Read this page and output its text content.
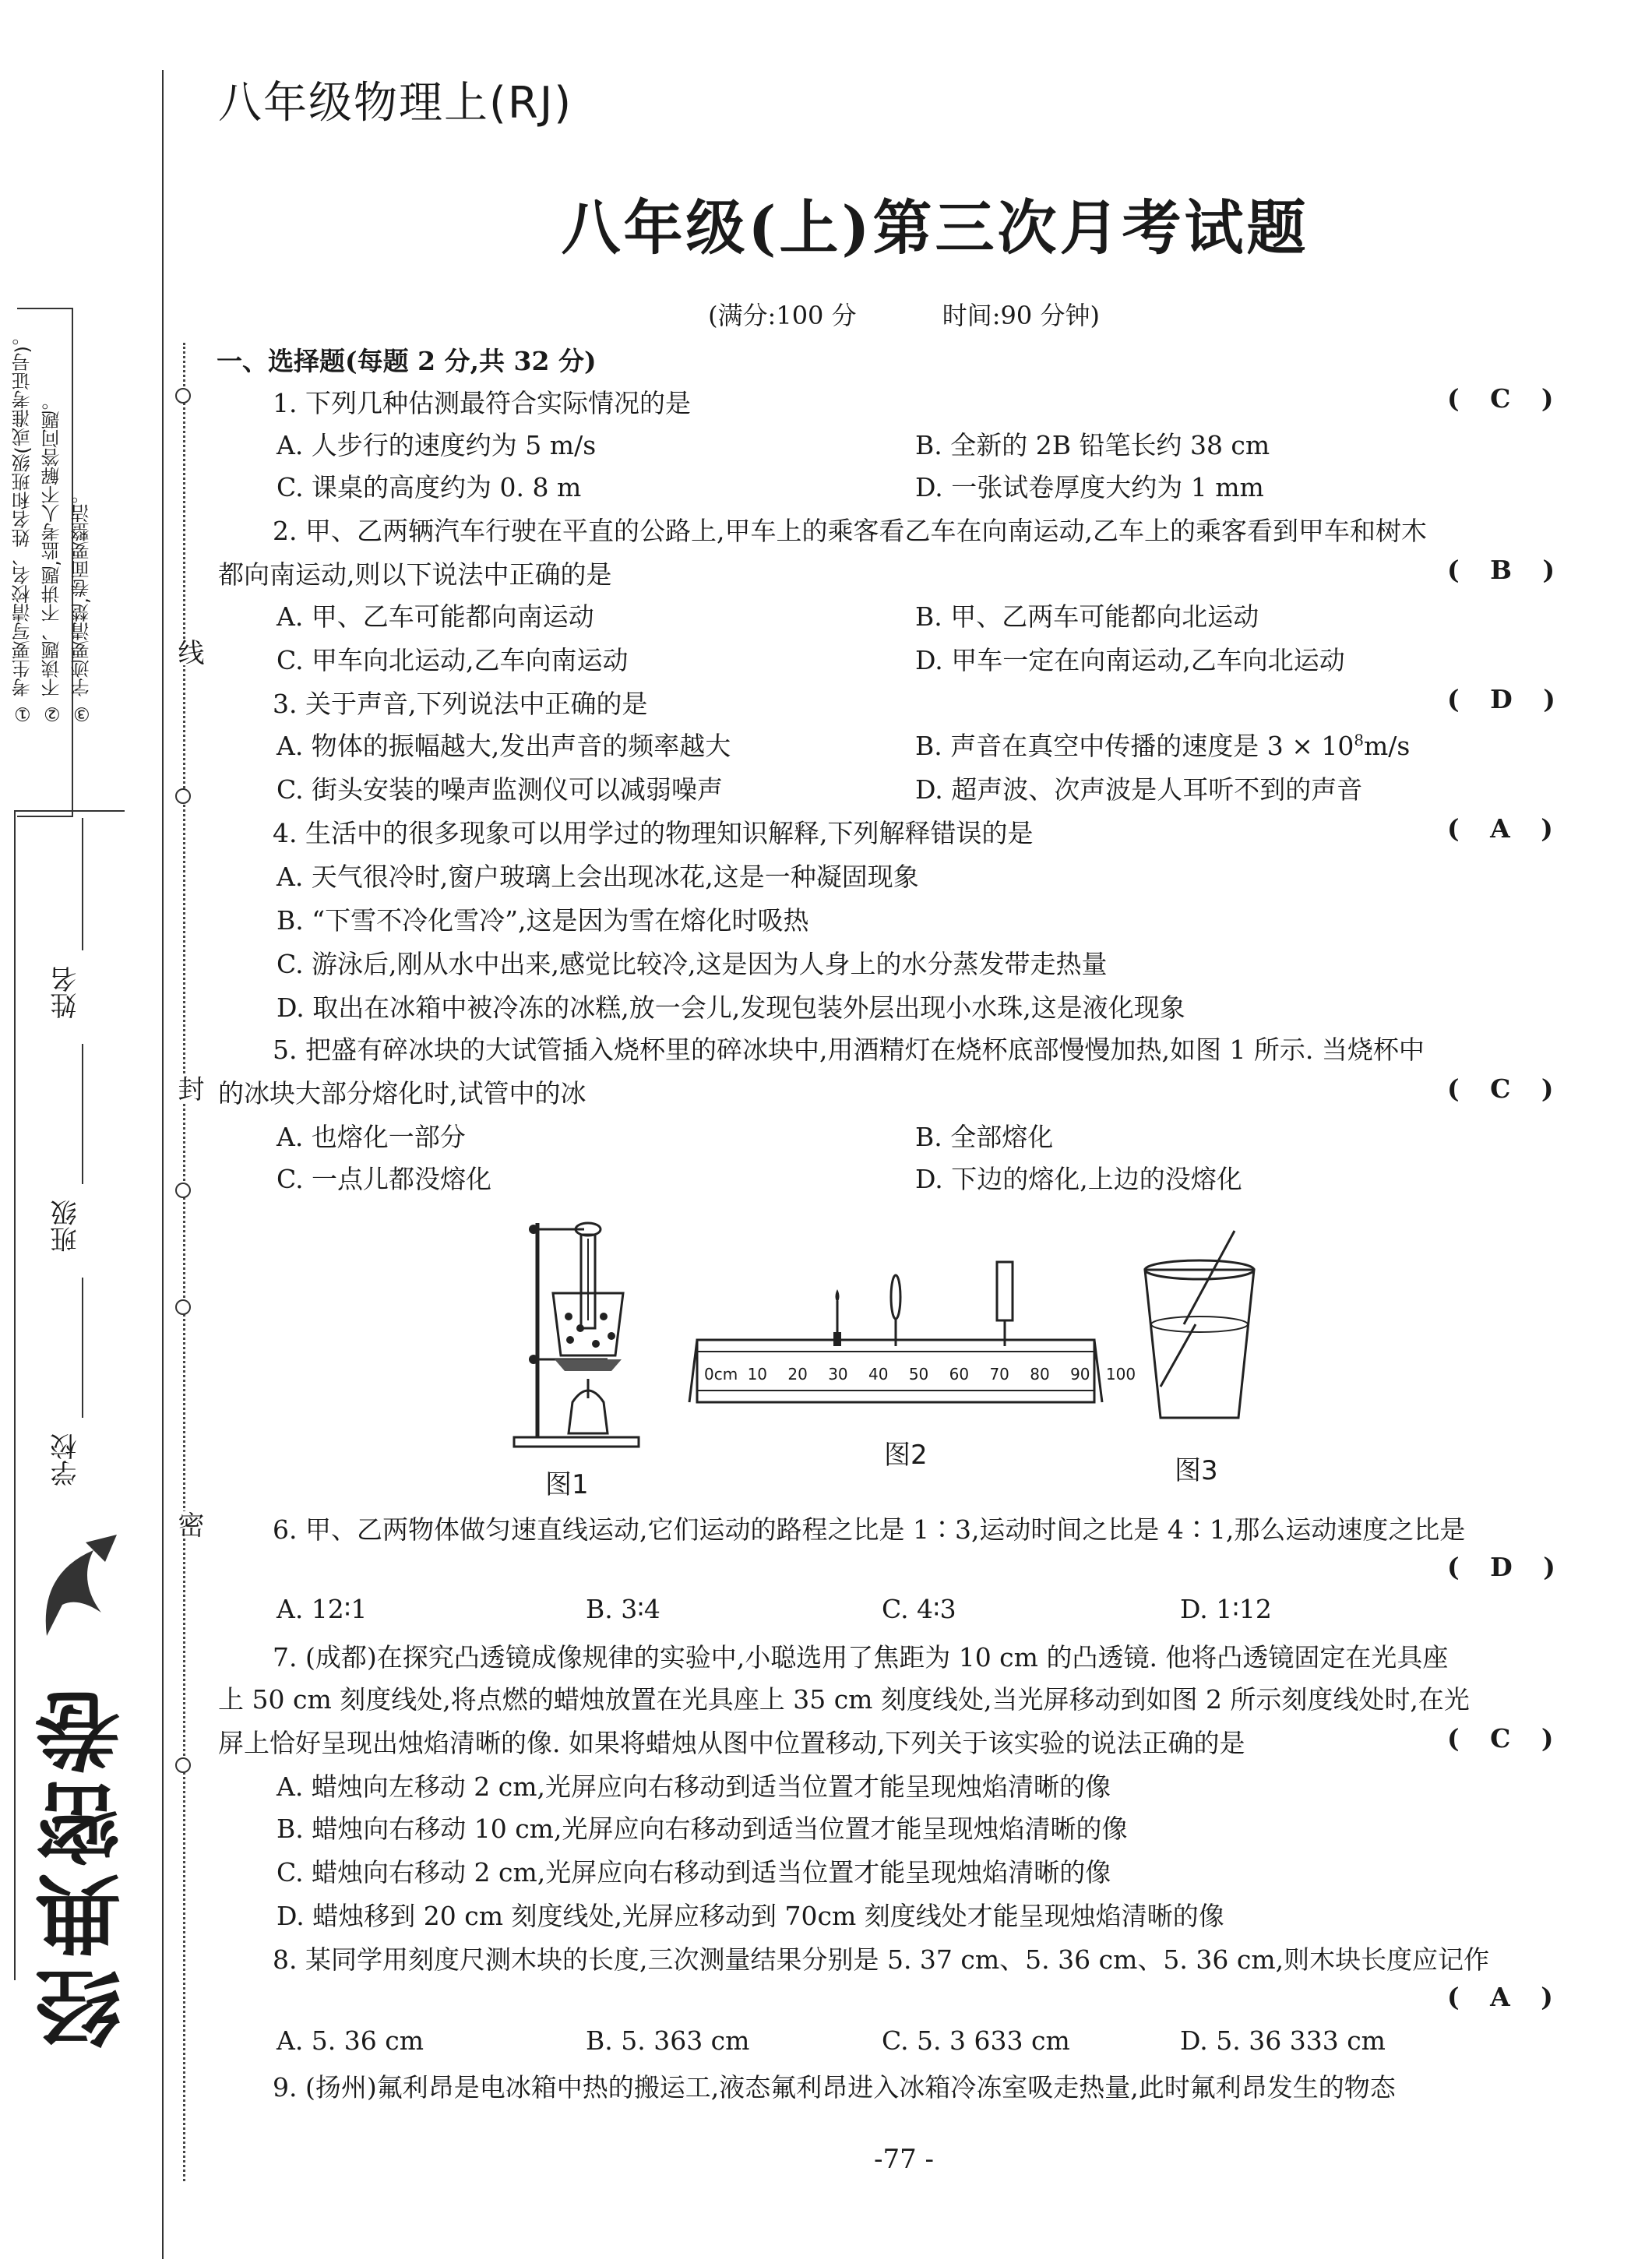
线
封
密
① 考生要写清校名、姓名和班级(或准考证号)。 ② 不读题、不讲题,监考人不解答问题。 ③ 字迹要清楚,卷面要整洁。
姓名
班级
学校
经典密卷
八年级物理上(RJ)
八年级(上)第三次月考试题
(满分:100 分	时间:90 分钟)
一、选择题(每题 2 分,共 32 分)
1. 下列几种估测最符合实际情况的是	( C )
A. 人步行的速度约为 5 m/s	B. 全新的 2B 铅笔长约 38 cm
C. 课桌的高度约为 0. 8 m	D. 一张试卷厚度大约为 1 mm
2. 甲、乙两辆汽车行驶在平直的公路上,甲车上的乘客看乙车在向南运动,乙车上的乘客看到甲车和树木
都向南运动,则以下说法中正确的是	( B )
A. 甲、乙车可能都向南运动	B. 甲、乙两车可能都向北运动
C. 甲车向北运动,乙车向南运动	D. 甲车一定在向南运动,乙车向北运动
3. 关于声音,下列说法中正确的是	( D )
A. 物体的振幅越大,发出声音的频率越大	B. 声音在真空中传播的速度是 $3 \times 10^8m/s$
C. 街头安装的噪声监测仪可以减弱噪声	D. 超声波、次声波是人耳听不到的声音
4. 生活中的很多现象可以用学过的物理知识解释,下列解释错误的是	( A )
A. 天气很冷时,窗户玻璃上会出现冰花,这是一种凝固现象
B. “下雪不冷化雪冷”,这是因为雪在熔化时吸热
C. 游泳后,刚从水中出来,感觉比较冷,这是因为人身上的水分蒸发带走热量
D. 取出在冰箱中被冷冻的冰糕,放一会儿,发现包装外层出现小水珠,这是液化现象
5. 把盛有碎冰块的大试管插入烧杯里的碎冰块中,用酒精灯在烧杯底部慢慢加热,如图 1 所示. 当烧杯中
的冰块大部分熔化时,试管中的冰	( C )
A. 也熔化一部分	B. 全部熔化
C. 一点儿都没熔化	D. 下边的熔化,上边的没熔化
图1
0cm 10 20 30 40 50 60 70 80 90 100
图2	图3
6. 甲、乙两物体做匀速直线运动,它们运动的路程之比是 1∶3,运动时间之比是 4∶1,那么运动速度之比是
( D )
A. 12∶1	B. 3∶4	C. 4∶3	D. 1∶12
7. (成都)在探究凸透镜成像规律的实验中,小聪选用了焦距为 10 cm 的凸透镜. 他将凸透镜固定在光具座
上 50 cm 刻度线处,将点燃的蜡烛放置在光具座上 35 cm 刻度线处,当光屏移动到如图 2 所示刻度线处时,在光
屏上恰好呈现出烛焰清晰的像. 如果将蜡烛从图中位置移动,下列关于该实验的说法正确的是	( C )
A. 蜡烛向左移动 2 cm,光屏应向右移动到适当位置才能呈现烛焰清晰的像
B. 蜡烛向右移动 10 cm,光屏应向右移动到适当位置才能呈现烛焰清晰的像
C. 蜡烛向右移动 2 cm,光屏应向右移动到适当位置才能呈现烛焰清晰的像
D. 蜡烛移到 20 cm 刻度线处,光屏应移动到 70cm 刻度线处才能呈现烛焰清晰的像
8. 某同学用刻度尺测木块的长度,三次测量结果分别是 5. 37 cm、5. 36 cm、5. 36 cm,则木块长度应记作
( A )
A. 5. 36 cm	B. 5. 363 cm	C. 5. 3 633 cm	D. 5. 36 333 cm
9. (扬州)氟利昂是电冰箱中热的搬运工,液态氟利昂进入冰箱冷冻室吸走热量,此时氟利昂发生的物态
-77 -
